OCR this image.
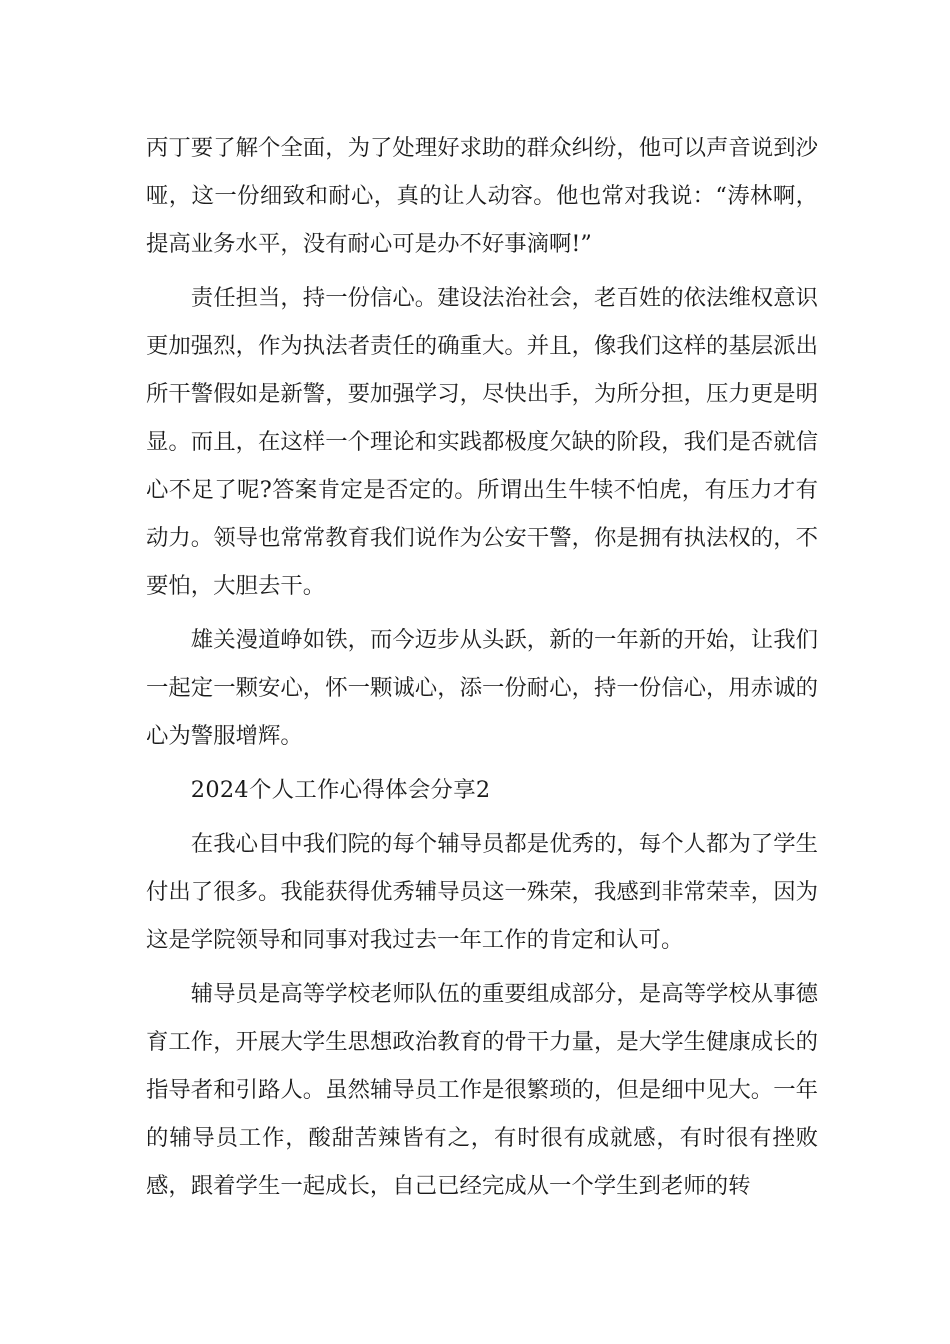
丙丁要了解个全面，为了处理好求助的群众纠纷，他可以声音说到沙哑，这一份细致和耐心，真的让人动容。他也常对我说：“涛林啊，提高业务水平，没有耐心可是办不好事滴啊!”

责任担当，持一份信心。建设法治社会，老百姓的依法维权意识更加强烈，作为执法者责任的确重大。并且，像我们这样的基层派出所干警假如是新警，要加强学习，尽快出手，为所分担，压力更是明显。而且，在这样一个理论和实践都极度欠缺的阶段，我们是否就信心不足了呢?答案肯定是否定的。所谓出生牛犊不怕虎，有压力才有动力。领导也常常教育我们说作为公安干警，你是拥有执法权的，不要怕，大胆去干。

雄关漫道峥如铁，而今迈步从头跃，新的一年新的开始，让我们一起定一颗安心，怀一颗诚心，添一份耐心，持一份信心，用赤诚的心为警服增辉。

2024个人工作心得体会分享2

在我心目中我们院的每个辅导员都是优秀的，每个人都为了学生付出了很多。我能获得优秀辅导员这一殊荣，我感到非常荣幸，因为这是学院领导和同事对我过去一年工作的肯定和认可。

辅导员是高等学校老师队伍的重要组成部分，是高等学校从事德育工作，开展大学生思想政治教育的骨干力量，是大学生健康成长的指导者和引路人。虽然辅导员工作是很繁琐的，但是细中见大。一年的辅导员工作，酸甜苦辣皆有之，有时很有成就感，有时很有挫败感，跟着学生一起成长，自己已经完成从一个学生到老师的转
